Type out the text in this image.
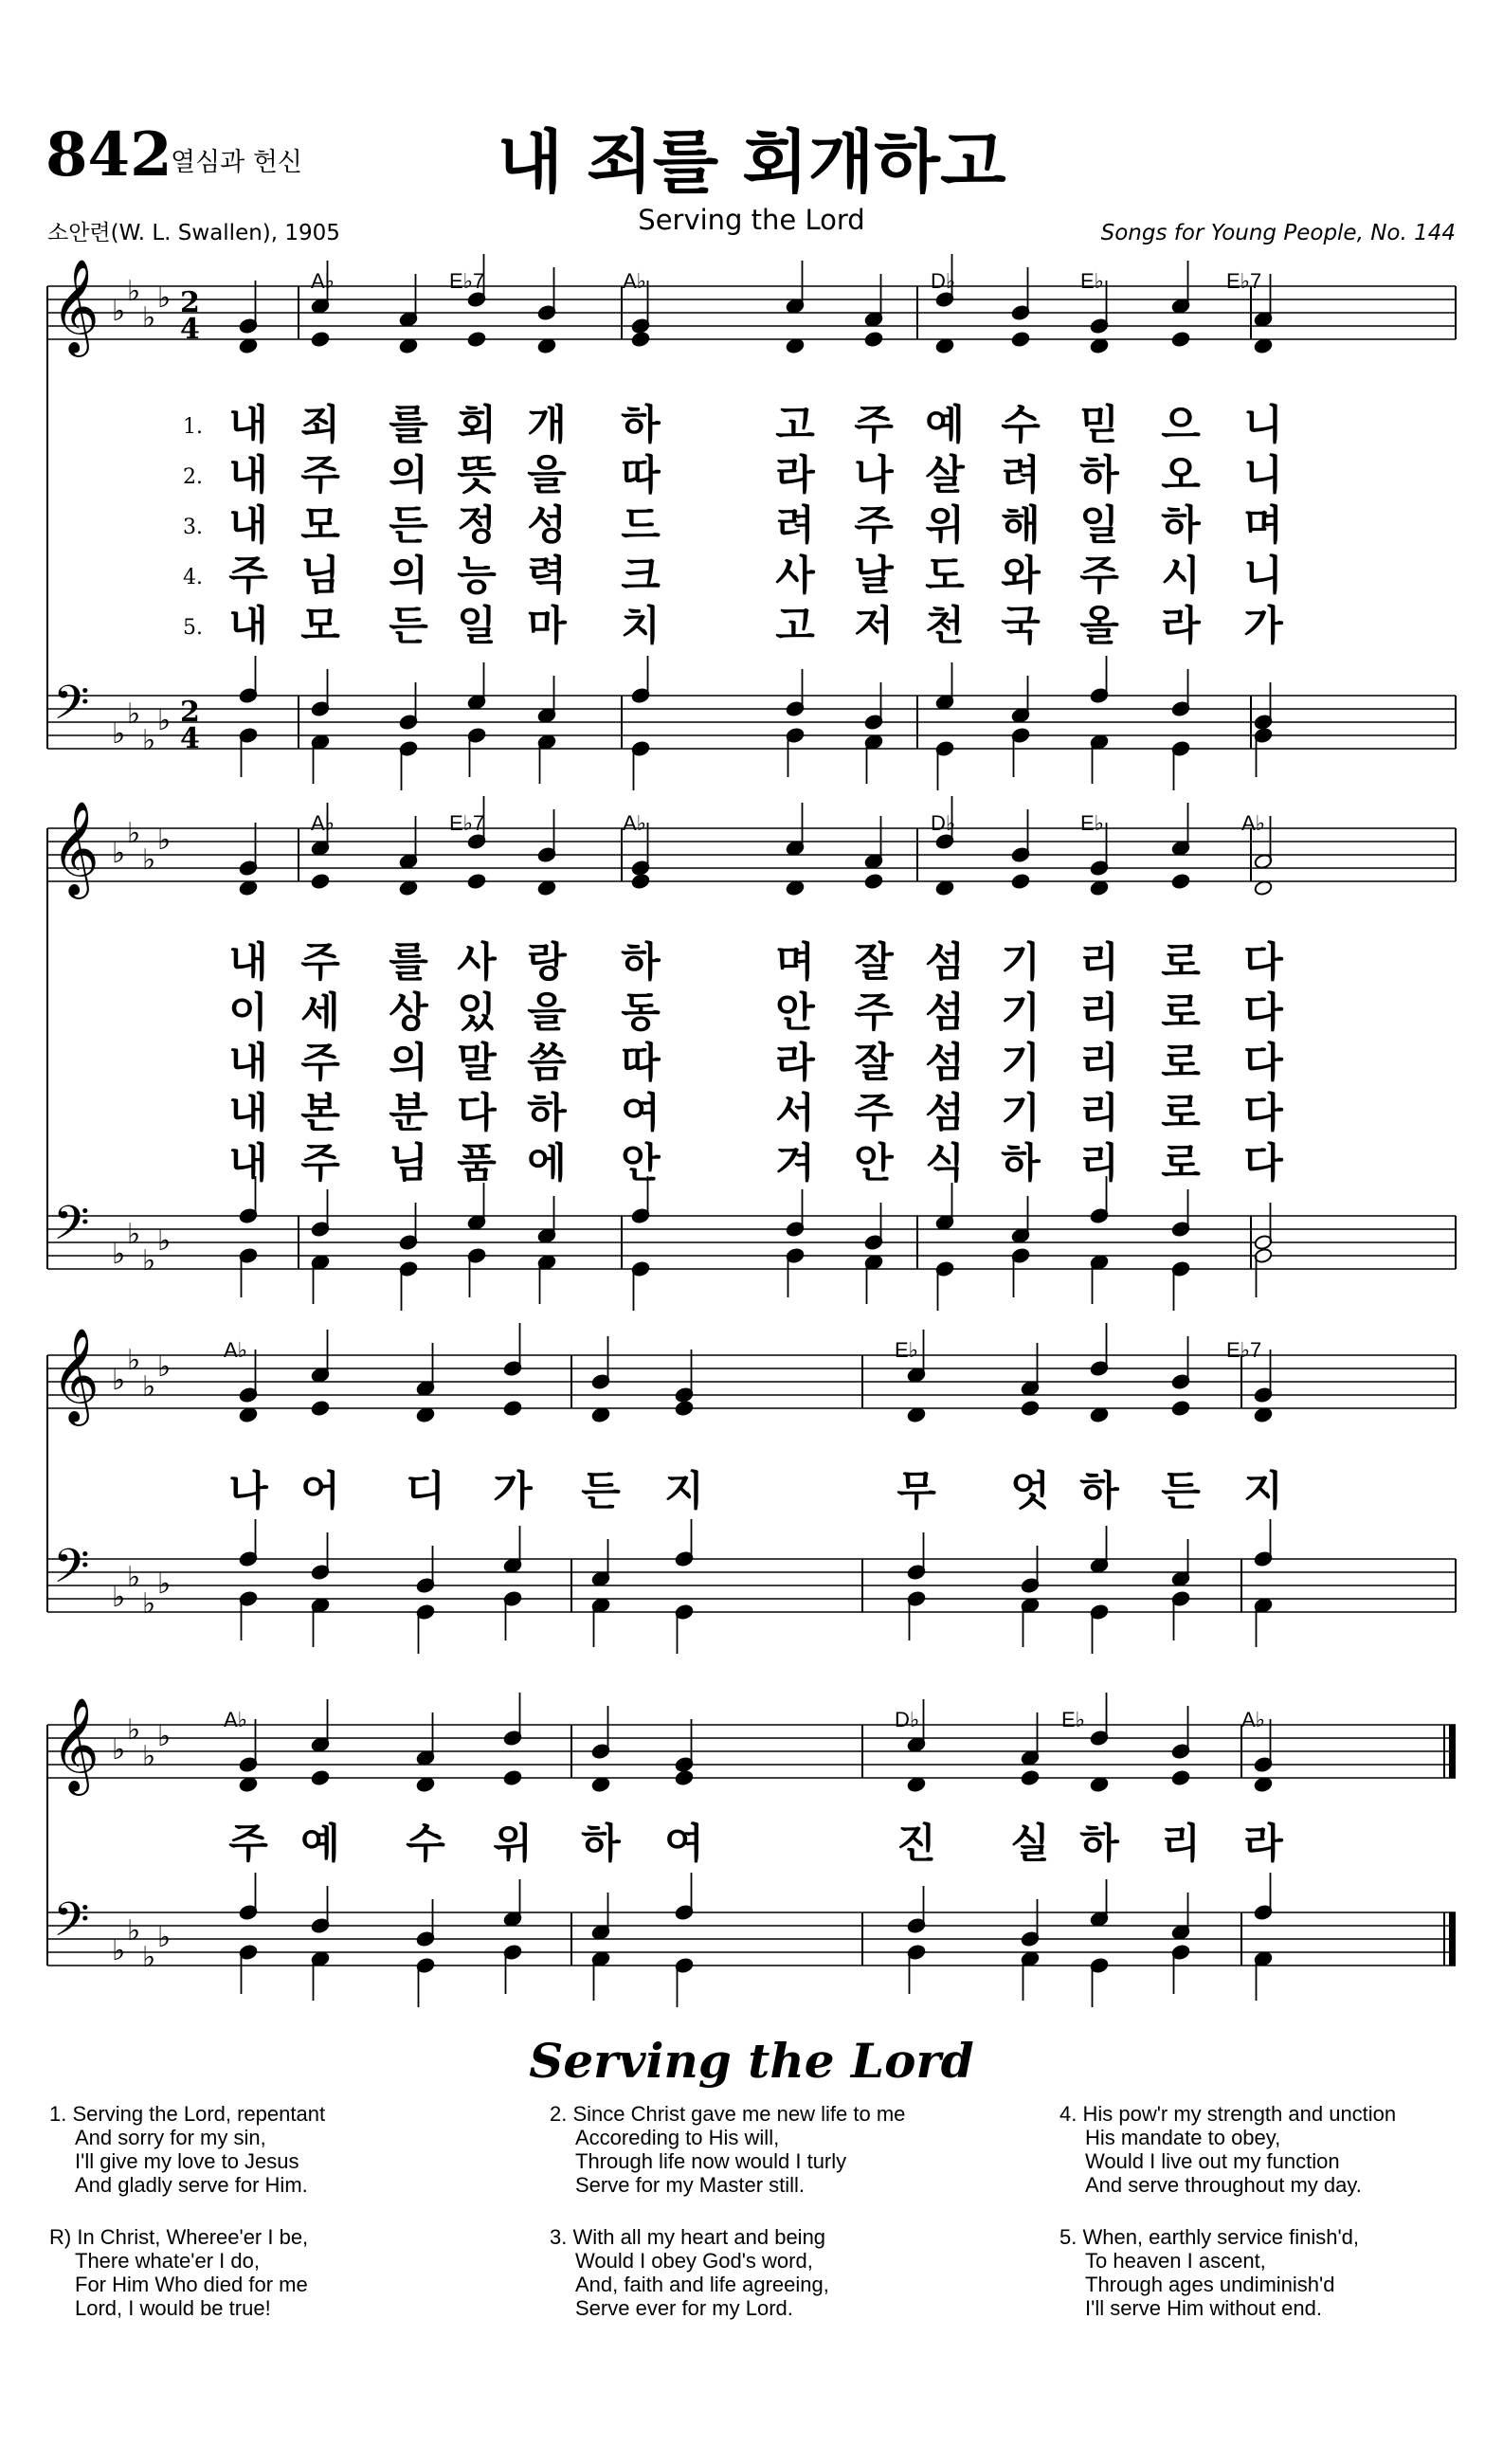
842
열심과 헌신	내 죄를 회개하고
Serving the Lord
소안련(W. L. Swallen), 1905	Songs for Young People, No. 144
𝄞 ♭
♭
♭
♭ 2
4
𝄢 ♭
♭
♭
♭ 2
4
𝄞 ♭
♭
♭
♭
𝄢 ♭
♭
♭
♭
𝄞 ♭
♭
♭
♭
𝄢 ♭
♭
♭
♭
𝄞 ♭
♭
♭
♭
𝄢 ♭
♭
♭
♭
A♭	E♭7	A♭	D♭	E♭	E♭7
A♭	E♭7	A♭	D♭	E♭	A♭
A♭	E♭	E♭7
A♭	D♭	E♭	A♭
1. 내 죄 를 회 개 하	고 주 예 수 믿 으 니
2. 내 주 의 뜻 을 따	라 나 살 려 하 오 니
3. 내 모 든 정 성 드	려 주 위 해 일 하 며
4. 주 님 의 능 력 크	사 날 도 와 주 시 니
5. 내 모 든 일 마 치	고 저 천 국 올 라 가
내 주 를 사 랑 하	며 잘 섬 기 리 로 다
이 세 상 있 을 동	안 주 섬 기 리 로 다
내 주 의 말 씀 따	라 잘 섬 기 리 로 다
내 본 분 다 하 여	서 주 섬 기 리 로 다
내 주 님 품 에 안	겨 안 식 하 리 로 다
나 어 디 가 든 지	무 엇 하 든 지
주 예 수 위 하 여	진 실 하 리 라
Serving the Lord
1. Serving the Lord, repentant
And sorry for my sin,
I'll give my love to Jesus
And gladly serve for Him.
R) In Christ, Wheree'er I be,
There whate'er I do,
For Him Who died for me
Lord, I would be true!
2. Since Christ gave me new life to me
Accoreding to His will,
Through life now would I turly
Serve for my Master still.
3. With all my heart and being
Would I obey God's word,
And, faith and life agreeing,
Serve ever for my Lord.
4. His pow'r my strength and unction
His mandate to obey,
Would I live out my function
And serve throughout my day.
5. When, earthly service finish'd,
To heaven I ascent,
Through ages undiminish'd
I'll serve Him without end.
